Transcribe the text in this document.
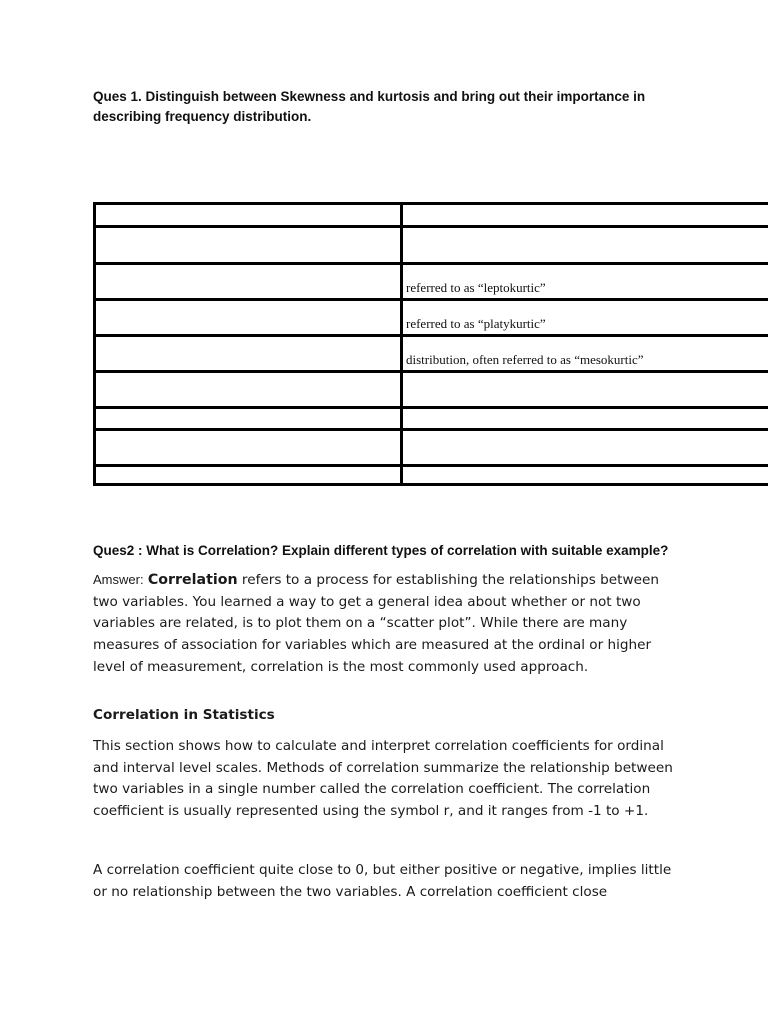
Ques 1. Distinguish between Skewness and kurtosis and bring out their importance in describing frequency distribution.

referred to as “leptokurtic”
referred to as “platykurtic”
distribution, often referred to as “mesokurtic”

Ques2 : What is Correlation? Explain different types of correlation with suitable example?

Amswer: Correlation refers to a process for establishing the relationships between two variables. You learned a way to get a general idea about whether or not two variables are related, is to plot them on a “scatter plot”. While there are many measures of association for variables which are measured at the ordinal or higher level of measurement, correlation is the most commonly used approach.

Correlation in Statistics

This section shows how to calculate and interpret correlation coefficients for ordinal and interval level scales. Methods of correlation summarize the relationship between two variables in a single number called the correlation coefficient. The correlation coefficient is usually represented using the symbol r, and it ranges from -1 to +1.

A correlation coefficient quite close to 0, but either positive or negative, implies little or no relationship between the two variables. A correlation coefficient close
